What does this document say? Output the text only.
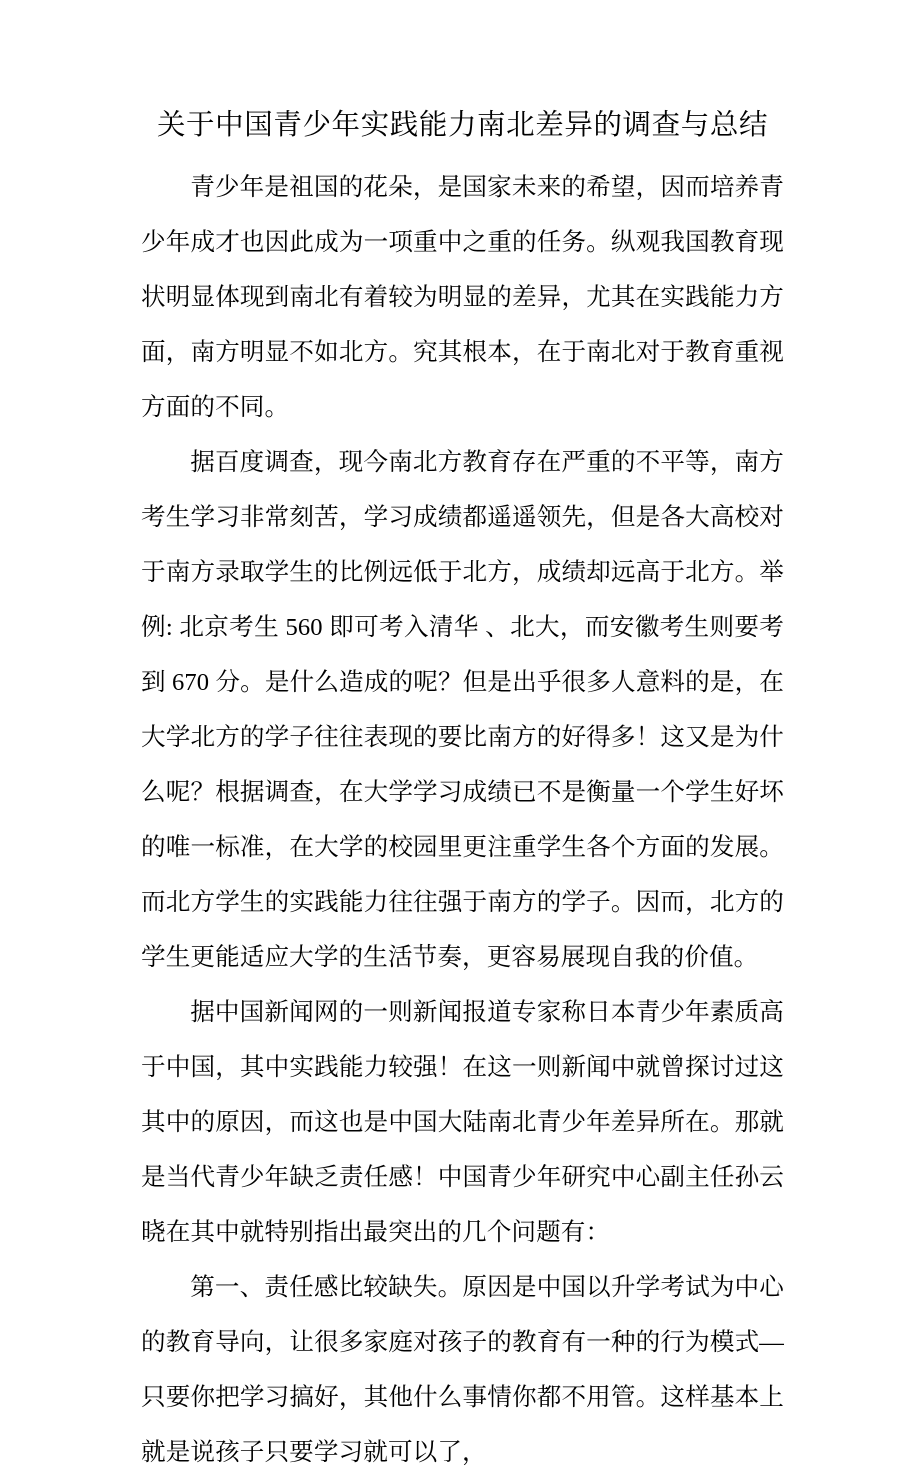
关于中国青少年实践能力南北差异的调查与总结

青少年是祖国的花朵，是国家未来的希望，因而培养青少年成才也因此成为一项重中之重的任务。纵观我国教育现状明显体现到南北有着较为明显的差异，尤其在实践能力方面，南方明显不如北方。究其根本，在于南北对于教育重视方面的不同。

据百度调查，现今南北方教育存在严重的不平等，南方考生学习非常刻苦，学习成绩都遥遥领先，但是各大高校对于南方录取学生的比例远低于北方，成绩却远高于北方。举例: 北京考生 560 即可考入清华 、北大，而安徽考生则要考到 670 分。是什么造成的呢？但是出乎很多人意料的是，在大学北方的学子往往表现的要比南方的好得多！这又是为什么呢？根据调查，在大学学习成绩已不是衡量一个学生好坏的唯一标准，在大学的校园里更注重学生各个方面的发展。而北方学生的实践能力往往强于南方的学子。因而，北方的学生更能适应大学的生活节奏，更容易展现自我的价值。

据中国新闻网的一则新闻报道专家称日本青少年素质高于中国，其中实践能力较强！在这一则新闻中就曾探讨过这其中的原因，而这也是中国大陆南北青少年差异所在。那就是当代青少年缺乏责任感！中国青少年研究中心副主任孙云晓在其中就特别指出最突出的几个问题有：

第一、责任感比较缺失。原因是中国以升学考试为中心的教育导向，让很多家庭对孩子的教育有一种的行为模式—只要你把学习搞好，其他什么事情你都不用管。这样基本上就是说孩子只要学习就可以了，
